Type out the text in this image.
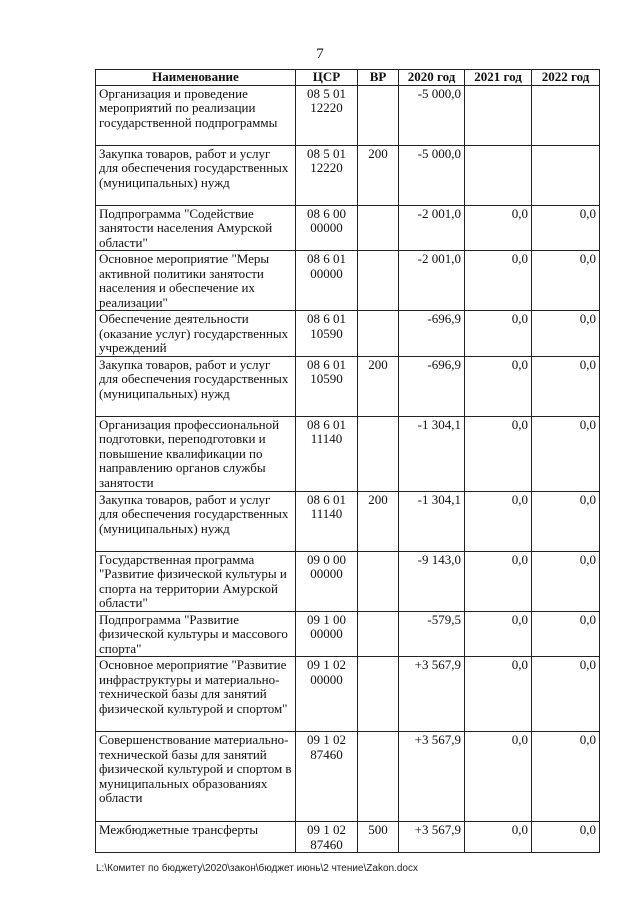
7
Наименование	ЦСР	ВР	2020 год	2021 год	2022 год
Организация и проведение мероприятий по реализации государственной подпрограммы	08 5 01 12220		-5 000,0		
Закупка товаров, работ и услуг для обеспечения государственных (муниципальных) нужд	08 5 01 12220	200	-5 000,0		
Подпрограмма "Содействие занятости населения Амурской области"	08 6 00 00000		-2 001,0	0,0	0,0
Основное мероприятие "Меры активной политики занятости населения и обеспечение их реализации"	08 6 01 00000		-2 001,0	0,0	0,0
Обеспечение деятельности (оказание услуг) государственных учреждений	08 6 01 10590		-696,9	0,0	0,0
Закупка товаров, работ и услуг для обеспечения государственных (муниципальных) нужд	08 6 01 10590	200	-696,9	0,0	0,0
Организация профессиональной подготовки, переподготовки и повышение квалификации по направлению органов службы занятости	08 6 01 11140		-1 304,1	0,0	0,0
Закупка товаров, работ и услуг для обеспечения государственных (муниципальных) нужд	08 6 01 11140	200	-1 304,1	0,0	0,0
Государственная программа "Развитие физической культуры и спорта на территории Амурской области"	09 0 00 00000		-9 143,0	0,0	0,0
Подпрограмма "Развитие физической культуры и массового спорта"	09 1 00 00000		-579,5	0,0	0,0
Основное мероприятие "Развитие инфраструктуры и материально-технической базы для занятий физической культурой и спортом"	09 1 02 00000		+3 567,9	0,0	0,0
Совершенствование материально-технической базы для занятий физической культурой и спортом в муниципальных образованиях области	09 1 02 87460		+3 567,9	0,0	0,0
Межбюджетные трансферты	09 1 02 87460	500	+3 567,9	0,0	0,0
L:\Комитет по бюджету\2020\закон\бюджет июнь\2 чтение\Zakon.docx
